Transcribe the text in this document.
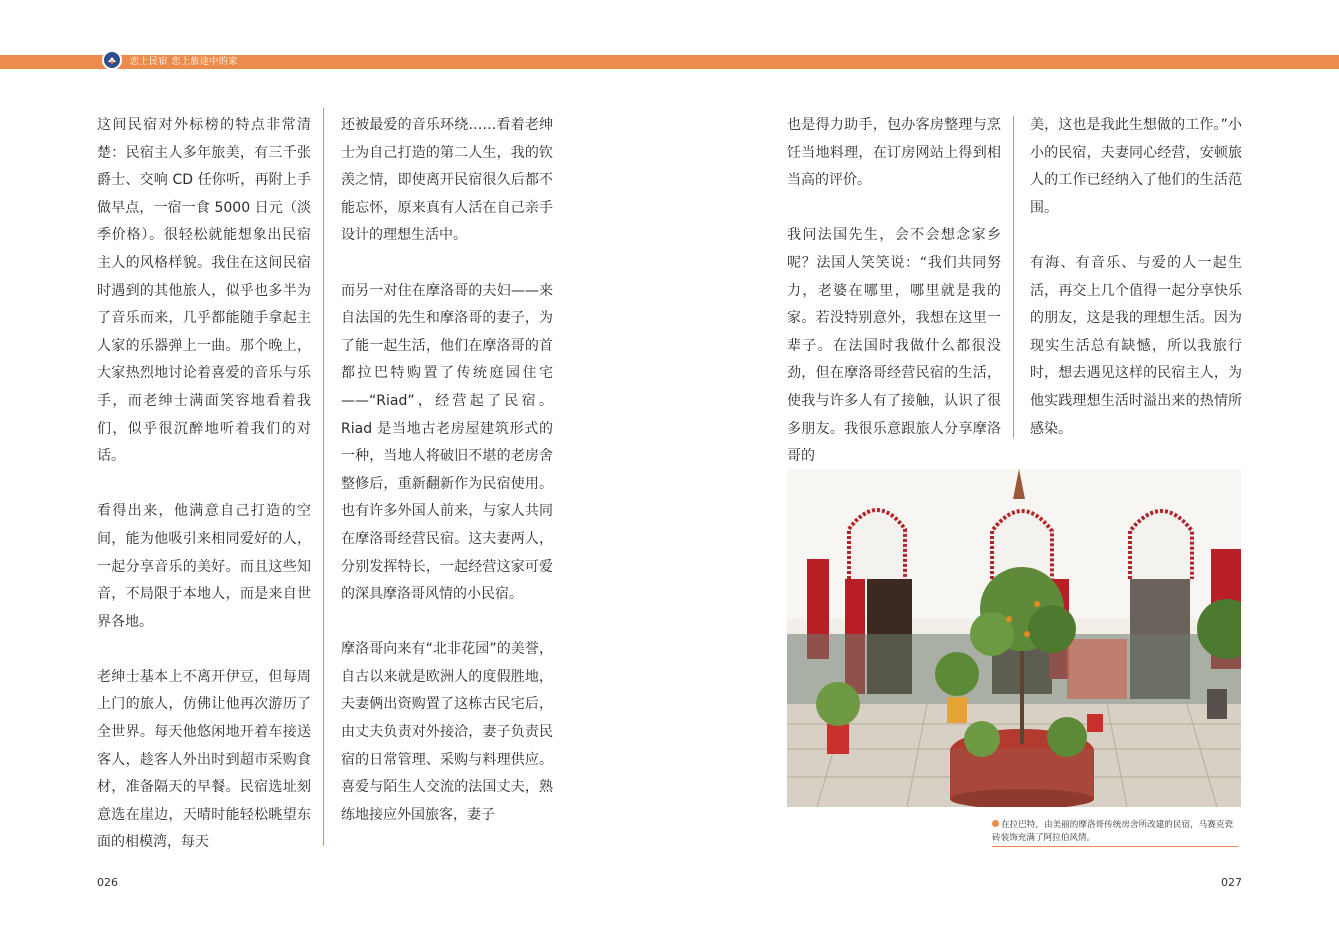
恋上民宿 恋上旅途中的家

这间民宿对外标榜的特点非常清楚：民宿主人多年旅美，有三千张爵士、交响 CD 任你听，再附上手做早点，一宿一食 5000 日元（淡季价格）。很轻松就能想象出民宿主人的风格样貌。我住在这间民宿时遇到的其他旅人，似乎也多半为了音乐而来，几乎都能随手拿起主人家的乐器弹上一曲。那个晚上，大家热烈地讨论着喜爱的音乐与乐手，而老绅士满面笑容地看着我们，似乎很沉醉地听着我们的对话。

看得出来，他满意自己打造的空间，能为他吸引来相同爱好的人，一起分享音乐的美好。而且这些知音，不局限于本地人，而是来自世界各地。

老绅士基本上不离开伊豆，但每周上门的旅人，仿佛让他再次游历了全世界。每天他悠闲地开着车接送客人，趁客人外出时到超市采购食材，准备隔天的早餐。民宿选址刻意选在崖边，天晴时能轻松眺望东面的相模湾，每天

还被最爱的音乐环绕……看着老绅士为自己打造的第二人生，我的钦羡之情，即使离开民宿很久后都不能忘怀，原来真有人活在自己亲手设计的理想生活中。

而另一对住在摩洛哥的夫妇——来自法国的先生和摩洛哥的妻子，为了能一起生活，他们在摩洛哥的首都拉巴特购置了传统庭园住宅——“Riad”，经营起了民宿。Riad 是当地古老房屋建筑形式的一种，当地人将破旧不堪的老房舍整修后，重新翻新作为民宿使用。也有许多外国人前来，与家人共同在摩洛哥经营民宿。这夫妻两人，分别发挥特长，一起经营这家可爱的深具摩洛哥风情的小民宿。

摩洛哥向来有“北非花园”的美誉，自古以来就是欧洲人的度假胜地，夫妻俩出资购置了这栋古民宅后，由丈夫负责对外接洽，妻子负责民宿的日常管理、采购与料理供应。喜爱与陌生人交流的法国丈夫，熟练地接应外国旅客，妻子

也是得力助手，包办客房整理与烹饪当地料理，在订房网站上得到相当高的评价。

我问法国先生，会不会想念家乡呢？法国人笑笑说：“我们共同努力，老婆在哪里，哪里就是我的家。若没特别意外，我想在这里一辈子。在法国时我做什么都很没劲，但在摩洛哥经营民宿的生活，使我与许多人有了接触，认识了很多朋友。我很乐意跟旅人分享摩洛哥的

美，这也是我此生想做的工作。”小小的民宿，夫妻同心经营，安顿旅人的工作已经纳入了他们的生活范围。

有海、有音乐、与爱的人一起生活，再交上几个值得一起分享快乐的朋友，这是我的理想生活。因为现实生活总有缺憾，所以我旅行时，想去遇见这样的民宿主人，为他实践理想生活时溢出来的热情所感染。

在拉巴特，由美丽的摩洛哥传统房舍所改建的民宿，马赛克瓷砖装饰充满了阿拉伯风情。
026	027
